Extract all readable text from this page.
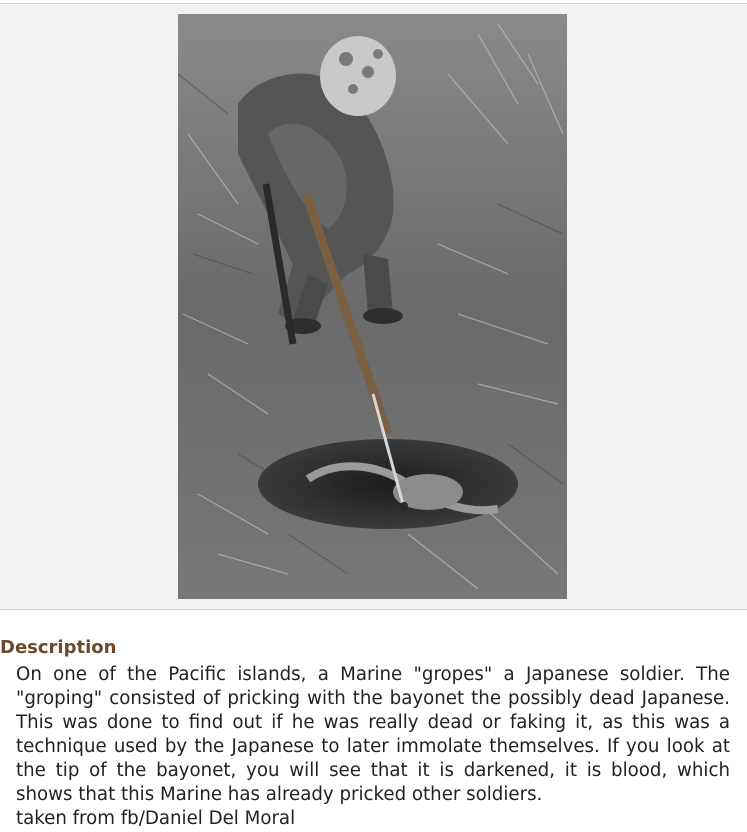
Description

On one of the Pacific islands, a Marine "gropes" a Japanese soldier. The "groping" consisted of pricking with the bayonet the possibly dead Japanese. This was done to find out if he was really dead or faking it, as this was a technique used by the Japanese to later immolate themselves. If you look at the tip of the bayonet, you will see that it is darkened, it is blood, which shows that this Marine has already pricked other soldiers.

taken from fb/Daniel Del Moral
